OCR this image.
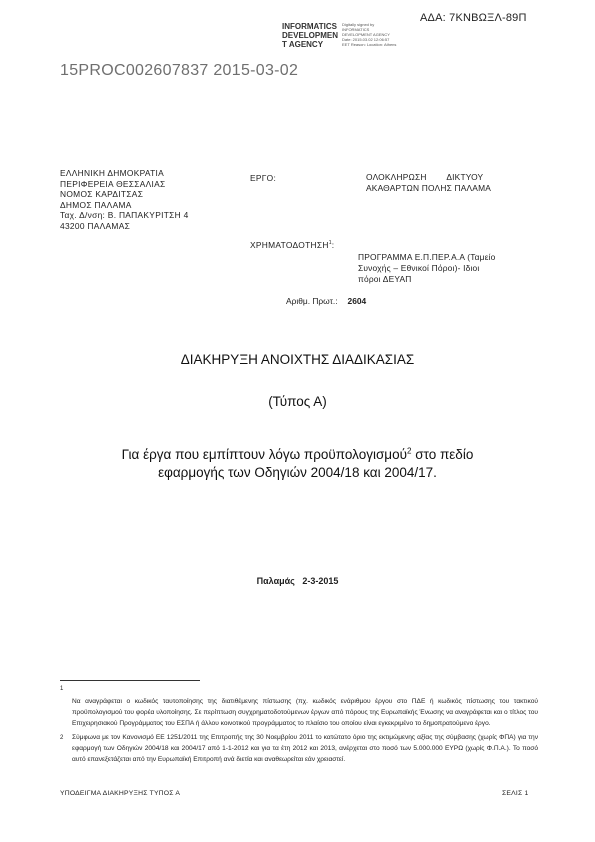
ΑΔΑ: 7ΚΝΒΩΞΛ-89Π
INFORMATICS DEVELOPMEN T AGENCY
Digitally signed by INFORMATICS DEVELOPMENT AGENCY Date: 2015.03.02 12:06:57 EET Reason: Location: Athens
15PROC002607837 2015-03-02
ΕΛΛΗΝΙΚΗ ΔΗΜΟΚΡΑΤΙΑ
ΠΕΡΙΦΕΡΕΙΑ ΘΕΣΣΑΛΙΑΣ
ΝΟΜΟΣ ΚΑΡΔΙΤΣΑΣ
ΔΗΜΟΣ ΠΑΛΑΜΑ
Ταχ. Δ/νση: Β. ΠΑΠΑΚΥΡΙΤΣΗ 4
43200 ΠΑΛΑΜΑΣ
ΕΡΓΟ:	ΟΛΟΚΛΗΡΩΣΗ        ΔΙΚΤΥΟΥ
ΑΚΑΘΑΡΤΩΝ ΠΟΛΗΣ ΠΑΛΑΜΑ
ΧΡΗΜΑΤΟΔΟΤΗΣΗ$^1$:
ΠΡΟΓΡΑΜΜΑ Ε.Π.ΠΕΡ.Α.Α (Ταμείο
Συνοχής – Εθνικοί Πόροι)- Ιδιοι
πόροι ΔΕΥΑΠ
Αριθμ. Πρωτ.: 2604
ΔΙΑΚΗΡΥΞΗ ΑΝΟΙΧΤΗΣ ΔΙΑΔΙΚΑΣΙΑΣ
(Τύπος Α)
Για έργα που εμπίπτουν λόγω προϋπολογισμού$^2$ στο πεδίο
εφαρμογής των Οδηγιών 2004/18 και 2004/17.
Παλαμάς   2-3-2015
1
Να αναγράφεται ο κωδικός ταυτοποίησης της διατιθέμενης πίστωσης (πχ. κωδικός ενάριθμου έργου στο ΠΔΕ ή κωδικός πίστωσης του τακτικού προϋπολογισμού του φορέα υλοποίησης. Σε περίπτωση συγχρηματοδοτούμενων έργων από πόρους της Ευρωπαϊκής Ένωσης να αναγράφεται και ο τίτλος του Επιχειρησιακού Προγράμματος του ΕΣΠΑ ή άλλου κοινοτικού προγράμματος το πλαίσιο του οποίου είναι εγκεκριμένο το δημοπρατούμενο έργο.
2 Σύμφωνα με τον Κανονισμό ΕΕ 1251/2011 της Επιτροπής της 30 Νοεμβρίου 2011 το κατώτατο όριο της εκτιμώμενης αξίας της σύμβασης (χωρίς ΦΠΑ) για την εφαρμογή των Οδηγιών 2004/18 και 2004/17 από 1-1-2012 και για τα έτη 2012 και 2013, ανέρχεται στο ποσό των 5.000.000 ΕΥΡΩ (χωρίς Φ.Π.Α.). Το ποσό αυτό επανεξετάζεται από την Ευρωπαϊκή Επιτροπή ανά διετία και αναθεωρείται εάν χρειαστεί.
ΥΠΟΔΕΙΓΜΑ ΔΙΑΚΗΡΥΞΗΣ ΤΥΠΟΣ Α	ΣΕΛΙΣ 1
